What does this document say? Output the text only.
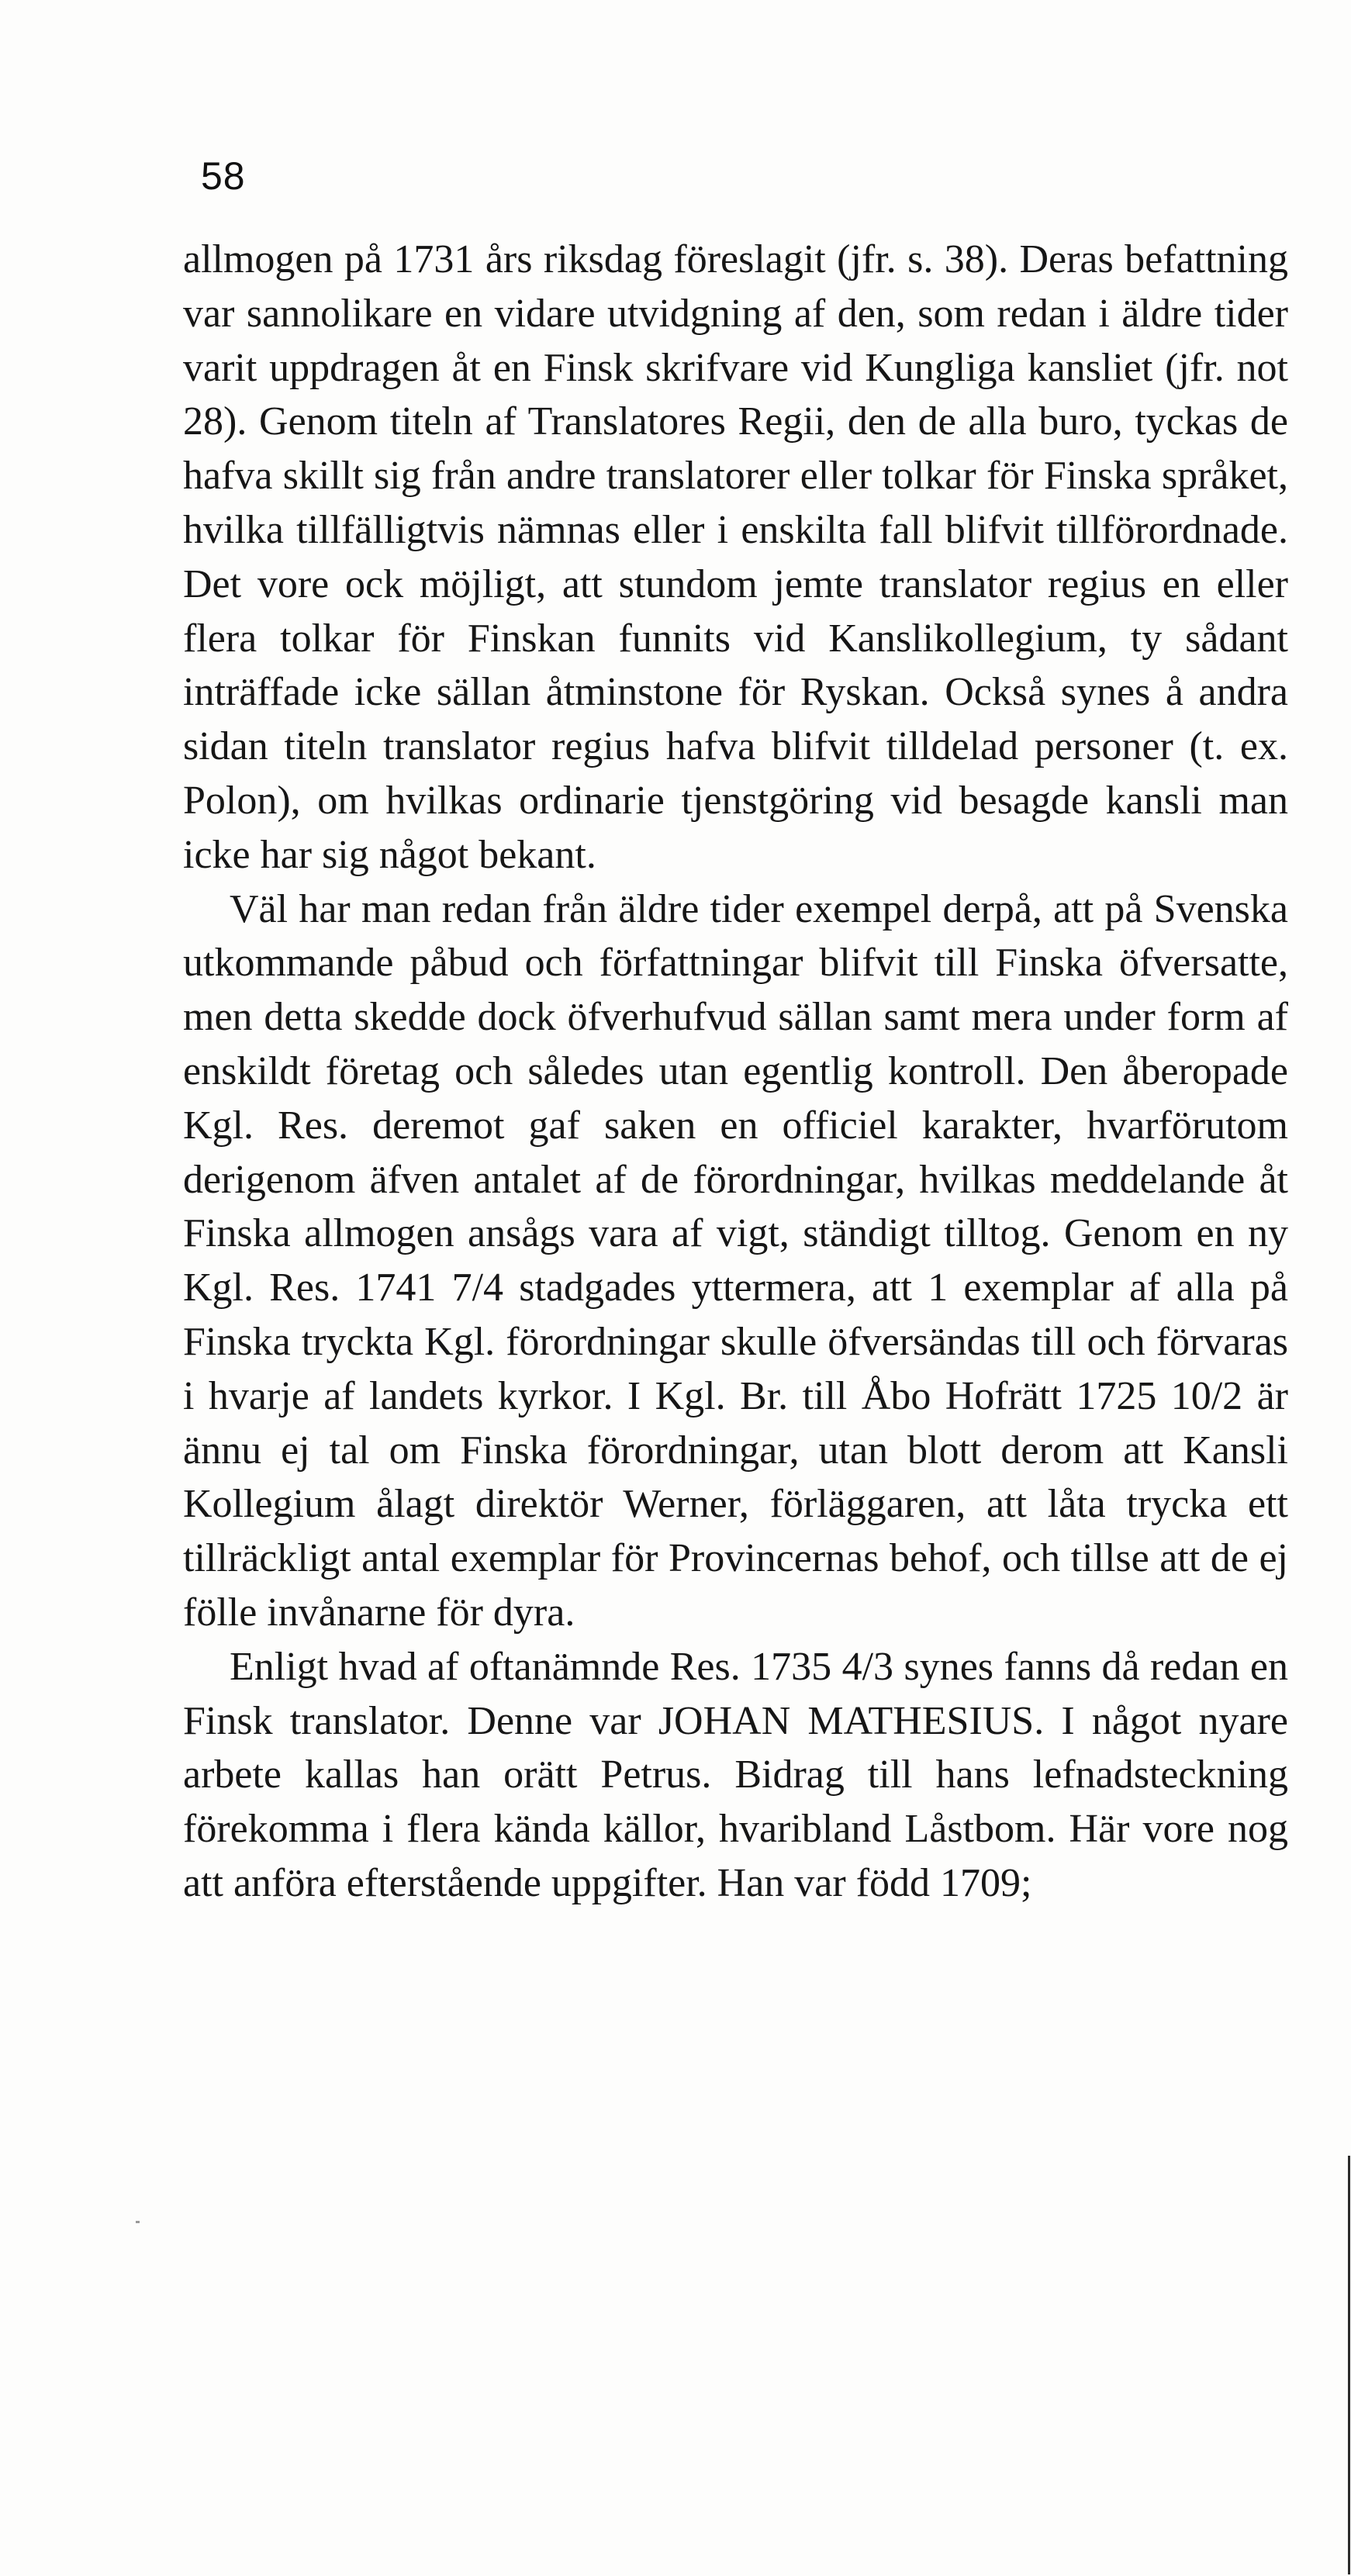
58

allmogen på 1731 års riksdag föreslagit (jfr. s. 38). Deras befattning var sannolikare en vidare utvidgning af den, som redan i äldre tider varit uppdragen åt en Finsk skrifvare vid Kungliga kansliet (jfr. not 28). Genom titeln af Translatores Regii, den de alla buro, tyckas de hafva skillt sig från andre translatorer eller tolkar för Finska språket, hvilka tillfälligtvis nämnas eller i enskilta fall blifvit tillförordnade. Det vore ock möjligt, att stundom jemte translator regius en eller flera tolkar för Finskan funnits vid Kanslikollegium, ty sådant inträffade icke sällan åtminstone för Ryskan. Också synes å andra sidan titeln translator regius hafva blifvit tilldelad personer (t. ex. Polon), om hvilkas ordinarie tjenstgöring vid besagde kansli man icke har sig något bekant.

Väl har man redan från äldre tider exempel derpå, att på Svenska utkommande påbud och författningar blifvit till Finska öfversatte, men detta skedde dock öfverhufvud sällan samt mera under form af enskildt företag och således utan egentlig kontroll. Den åberopade Kgl. Res. deremot gaf saken en officiel karakter, hvarförutom derigenom äfven antalet af de förordningar, hvilkas meddelande åt Finska allmogen ansågs vara af vigt, ständigt tilltog. Genom en ny Kgl. Res. 1741 7/4 stadgades yttermera, att 1 exemplar af alla på Finska tryckta Kgl. förordningar skulle öfversändas till och förvaras i hvarje af landets kyrkor. I Kgl. Br. till Åbo Hofrätt 1725 10/2 är ännu ej tal om Finska förordningar, utan blott derom att Kansli Kollegium ålagt direktör Werner, förläggaren, att låta trycka ett tillräckligt antal exemplar för Provincernas behof, och tillse att de ej fölle invånarne för dyra.

Enligt hvad af oftanämnde Res. 1735 4/3 synes fanns då redan en Finsk translator. Denne var JOHAN MATHESIUS. I något nyare arbete kallas han orätt Petrus. Bidrag till hans lefnadsteckning förekomma i flera kända källor, hvaribland Låstbom. Här vore nog att anföra efterstående uppgifter. Han var född 1709;
